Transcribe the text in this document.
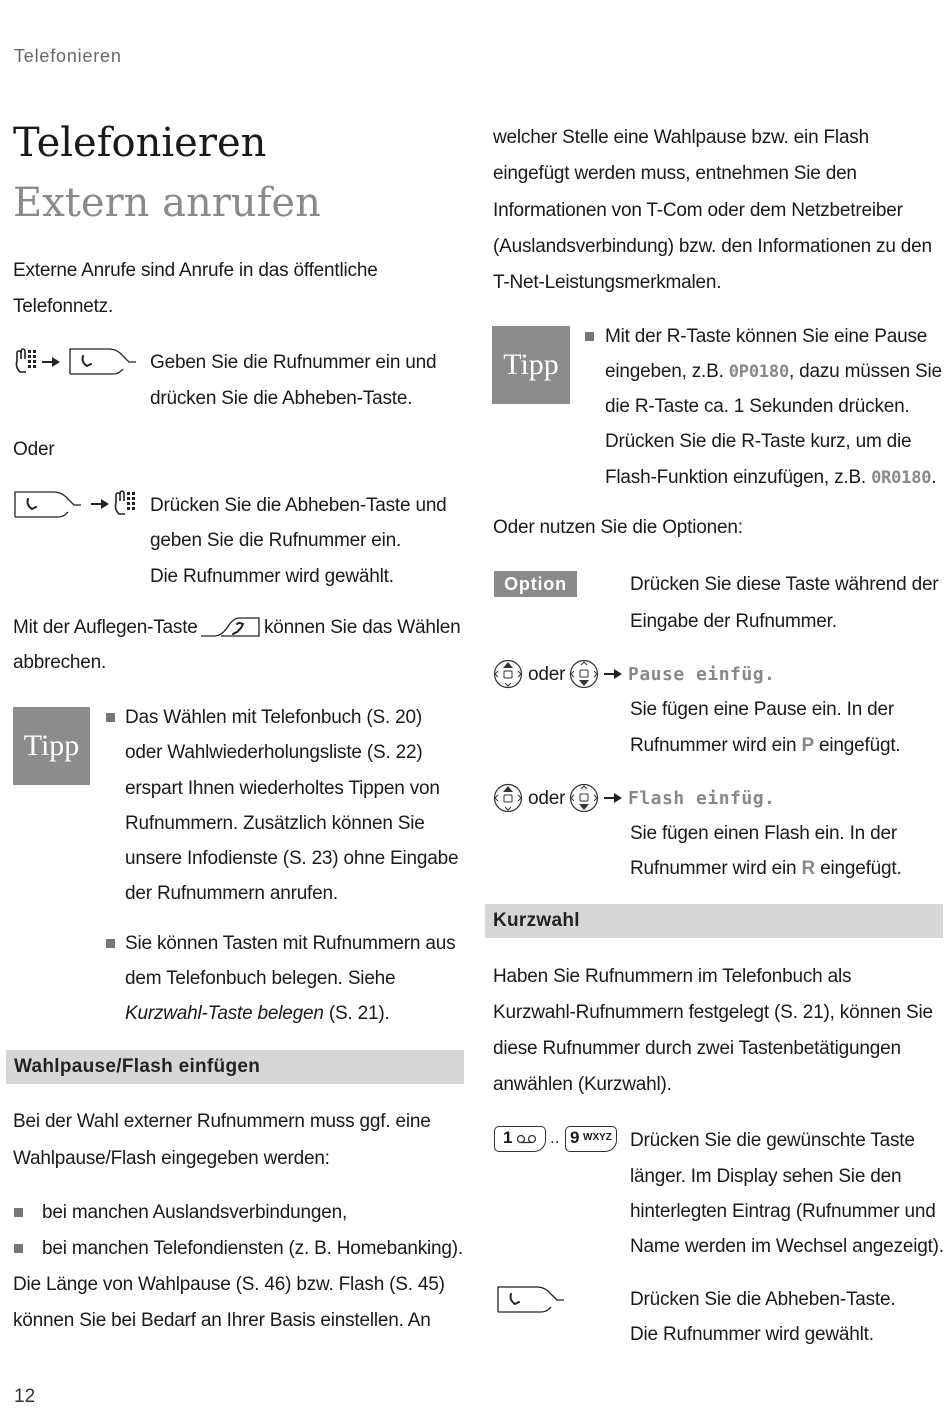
Telefonieren
Telefonieren
Extern anrufen
Externe Anrufe sind Anrufe in das öffentliche
Telefonnetz.
Geben Sie die Rufnummer ein und
drücken Sie die Abheben-Taste.
Oder
Drücken Sie die Abheben-Taste und
geben Sie die Rufnummer ein.
Die Rufnummer wird gewählt.
Mit der Auflegen-Taste	können Sie das Wählen
abbrechen.
Tipp
Das Wählen mit Telefonbuch (S. 20)
oder Wahlwiederholungsliste (S. 22)
erspart Ihnen wiederholtes Tippen von
Rufnummern. Zusätzlich können Sie
unsere Infodienste (S. 23) ohne Eingabe
der Rufnummern anrufen.
Sie können Tasten mit Rufnummern aus
dem Telefonbuch belegen. Siehe
Kurzwahl-Taste belegen (S. 21).
Wahlpause/Flash einfügen
Bei der Wahl externer Rufnummern muss ggf. eine
Wahlpause/Flash eingegeben werden:
bei manchen Auslandsverbindungen,
bei manchen Telefondiensten (z. B. Homebanking).
Die Länge von Wahlpause (S. 46) bzw. Flash (S. 45)
können Sie bei Bedarf an Ihrer Basis einstellen. An
welcher Stelle eine Wahlpause bzw. ein Flash
eingefügt werden muss, entnehmen Sie den
Informationen von T-Com oder dem Netzbetreiber
(Auslandsverbindung) bzw. den Informationen zu den
T-Net-Leistungsmerkmalen.
Tipp
Mit der R-Taste können Sie eine Pause
eingeben, z.B. 0P0180, dazu müssen Sie
die R-Taste ca. 1 Sekunden drücken.
Drücken Sie die R-Taste kurz, um die
Flash-Funktion einzufügen, z.B. 0R0180.
Oder nutzen Sie die Optionen:
Option	Drücken Sie diese Taste während der
Eingabe der Rufnummer.
oder	Pause einfüg.
Sie fügen eine Pause ein. In der
Rufnummer wird ein P eingefügt.
oder	Flash einfüg.
Sie fügen einen Flash ein. In der
Rufnummer wird ein R eingefügt.
Kurzwahl
Haben Sie Rufnummern im Telefonbuch als
Kurzwahl-Rufnummern festgelegt (S. 21), können Sie
diese Rufnummer durch zwei Tastenbetätigungen
anwählen (Kurzwahl).
1 .. 9 WXYZ Drücken Sie die gewünschte Taste
länger. Im Display sehen Sie den
hinterlegten Eintrag (Rufnummer und
Name werden im Wechsel angezeigt).
Drücken Sie die Abheben-Taste.
Die Rufnummer wird gewählt.
12
